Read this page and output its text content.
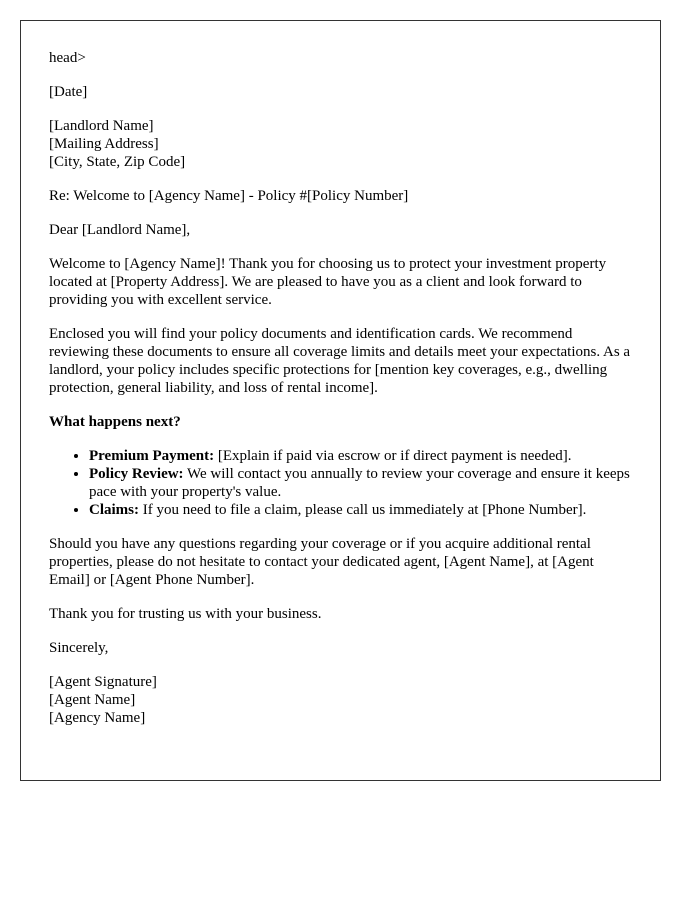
head>

[Date]

[Landlord Name]
[Mailing Address]
[City, State, Zip Code]

Re: Welcome to [Agency Name] - Policy #[Policy Number]

Dear [Landlord Name],

Welcome to [Agency Name]! Thank you for choosing us to protect your investment property located at [Property Address]. We are pleased to have you as a client and look forward to providing you with excellent service.

Enclosed you will find your policy documents and identification cards. We recommend reviewing these documents to ensure all coverage limits and details meet your expectations. As a landlord, your policy includes specific protections for [mention key coverages, e.g., dwelling protection, general liability, and loss of rental income].

What happens next?
• Premium Payment: [Explain if paid via escrow or if direct payment is needed].
• Policy Review: We will contact you annually to review your coverage and ensure it keeps pace with your property's value.
• Claims: If you need to file a claim, please call us immediately at [Phone Number].

Should you have any questions regarding your coverage or if you acquire additional rental properties, please do not hesitate to contact your dedicated agent, [Agent Name], at [Agent Email] or [Agent Phone Number].

Thank you for trusting us with your business.

Sincerely,

[Agent Signature]
[Agent Name]
[Agency Name]
